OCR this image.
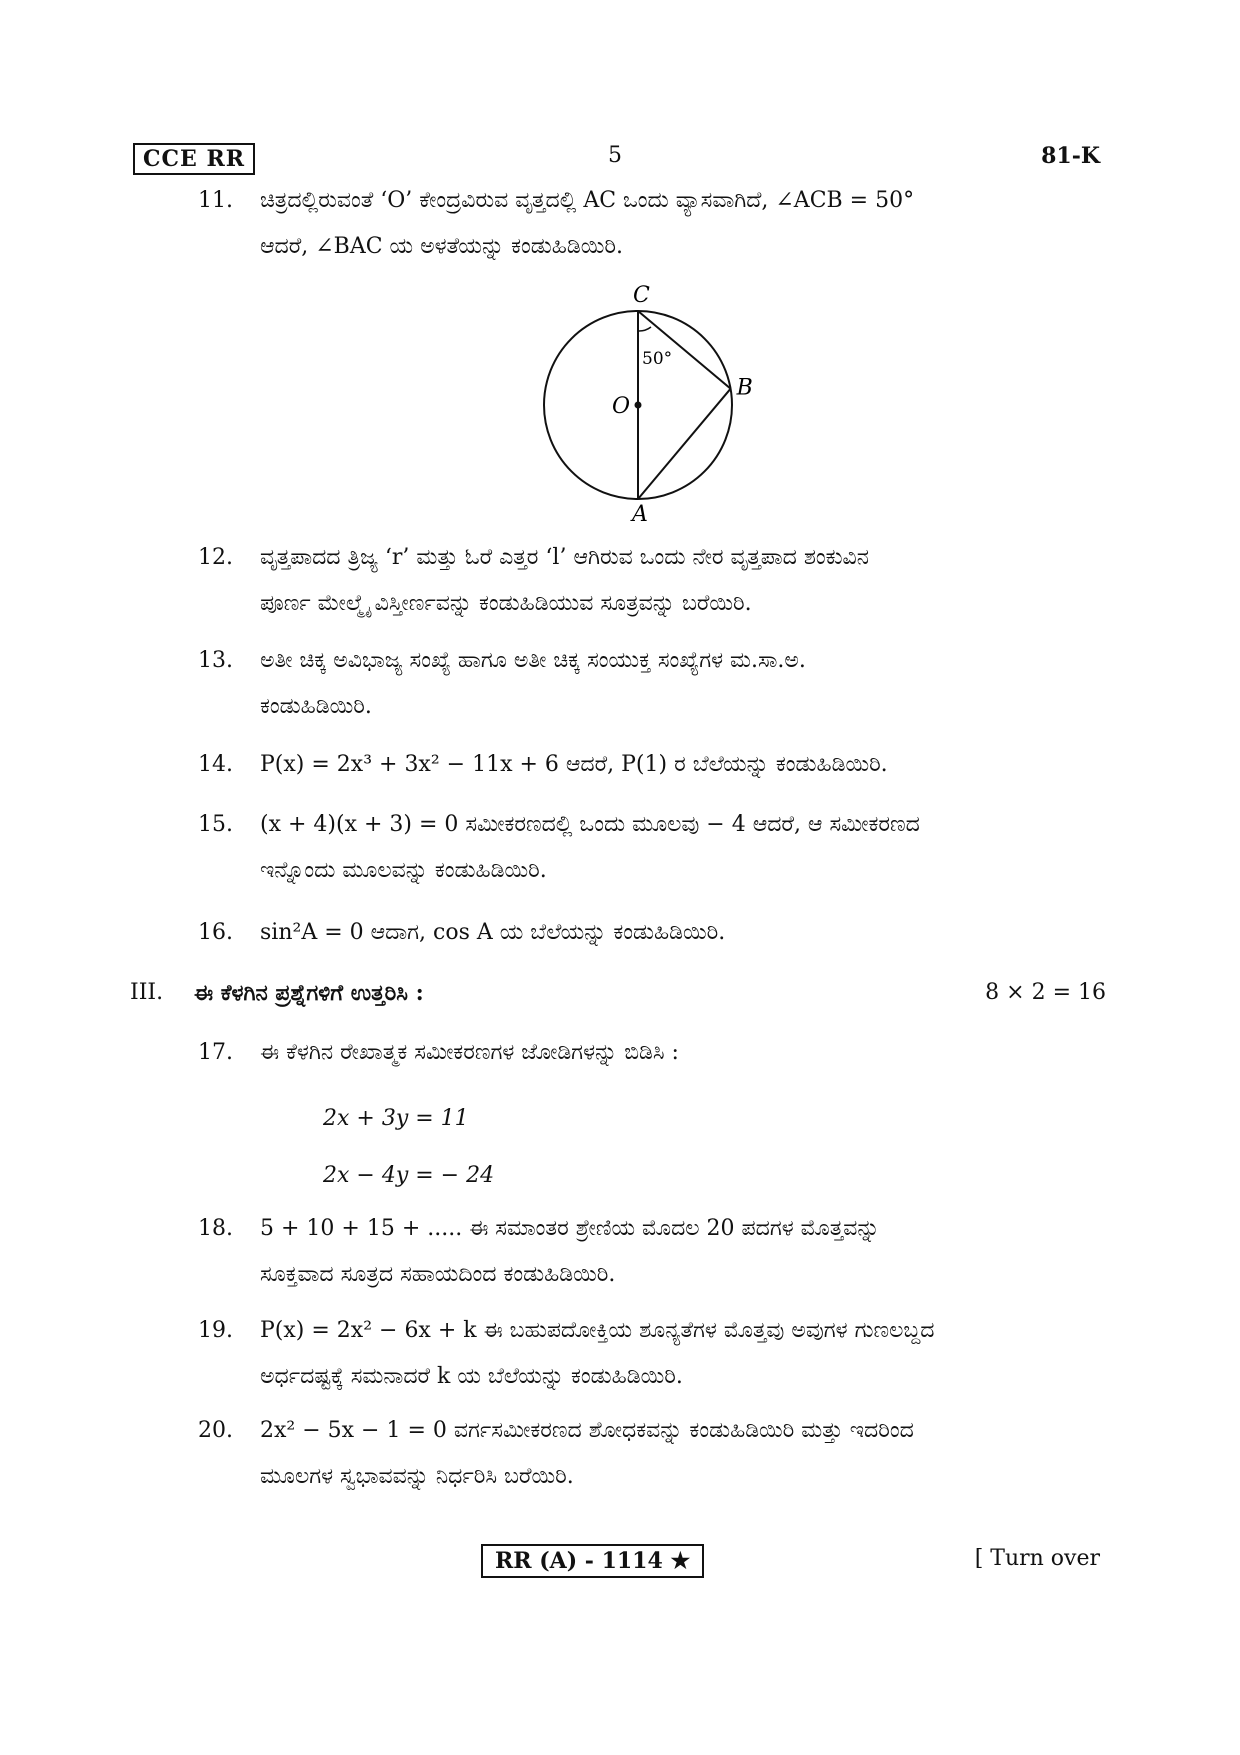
CCE RR	5	81-K
11.	ಚಿತ್ರದಲ್ಲಿರುವಂತೆ ‘O’ ಕೇಂದ್ರವಿರುವ ವೃತ್ತದಲ್ಲಿ AC ಒಂದು ವ್ಯಾಸವಾಗಿದೆ, ∠ACB = 50°
ಆದರೆ, ∠BAC ಯ ಅಳತೆಯನ್ನು ಕಂಡುಹಿಡಿಯಿರಿ.
C
O
B
A
50°
12.	ವೃತ್ತಪಾದದ ತ್ರಿಜ್ಯ ‘r’ ಮತ್ತು ಓರೆ ಎತ್ತರ ‘l’ ಆಗಿರುವ ಒಂದು ನೇರ ವೃತ್ತಪಾದ ಶಂಕುವಿನ
ಪೂರ್ಣ ಮೇಲ್ಮೈ ವಿಸ್ತೀರ್ಣವನ್ನು ಕಂಡುಹಿಡಿಯುವ ಸೂತ್ರವನ್ನು ಬರೆಯಿರಿ.
13.	ಅತೀ ಚಿಕ್ಕ ಅವಿಭಾಜ್ಯ ಸಂಖ್ಯೆ ಹಾಗೂ ಅತೀ ಚಿಕ್ಕ ಸಂಯುಕ್ತ ಸಂಖ್ಯೆಗಳ ಮ.ಸಾ.ಅ.
ಕಂಡುಹಿಡಿಯಿರಿ.
14.	P(x) = 2x³ + 3x² − 11x + 6 ಆದರೆ, P(1) ರ ಬೆಲೆಯನ್ನು ಕಂಡುಹಿಡಿಯಿರಿ.
15.	(x + 4)(x + 3) = 0 ಸಮೀಕರಣದಲ್ಲಿ ಒಂದು ಮೂಲವು − 4 ಆದರೆ, ಆ ಸಮೀಕರಣದ
ಇನ್ನೊಂದು ಮೂಲವನ್ನು ಕಂಡುಹಿಡಿಯಿರಿ.
16.	sin²A = 0 ಆದಾಗ, cos A ಯ ಬೆಲೆಯನ್ನು ಕಂಡುಹಿಡಿಯಿರಿ.
III. ಈ ಕೆಳಗಿನ ಪ್ರಶ್ನೆಗಳಿಗೆ ಉತ್ತರಿಸಿ :	8 × 2 = 16
17.	ಈ ಕೆಳಗಿನ ರೇಖಾತ್ಮಕ ಸಮೀಕರಣಗಳ ಜೋಡಿಗಳನ್ನು ಬಿಡಿಸಿ :
2x + 3y = 11
2x − 4y = − 24
18.	5 + 10 + 15 + ..... ಈ ಸಮಾಂತರ ಶ್ರೇಣಿಯ ಮೊದಲ 20 ಪದಗಳ ಮೊತ್ತವನ್ನು
ಸೂಕ್ತವಾದ ಸೂತ್ರದ ಸಹಾಯದಿಂದ ಕಂಡುಹಿಡಿಯಿರಿ.
19.	P(x) = 2x² − 6x + k ಈ ಬಹುಪದೋಕ್ತಿಯ ಶೂನ್ಯತೆಗಳ ಮೊತ್ತವು ಅವುಗಳ ಗುಣಲಬ್ದದ
ಅರ್ಧದಷ್ಟಕ್ಕೆ ಸಮನಾದರೆ k ಯ ಬೆಲೆಯನ್ನು ಕಂಡುಹಿಡಿಯಿರಿ.
20.	2x² − 5x − 1 = 0 ವರ್ಗಸಮೀಕರಣದ ಶೋಧಕವನ್ನು ಕಂಡುಹಿಡಿಯಿರಿ ಮತ್ತು ಇದರಿಂದ
ಮೂಲಗಳ ಸ್ವಭಾವವನ್ನು ನಿರ್ಧರಿಸಿ ಬರೆಯಿರಿ.
RR (A) - 1114 ★	[ Turn over
